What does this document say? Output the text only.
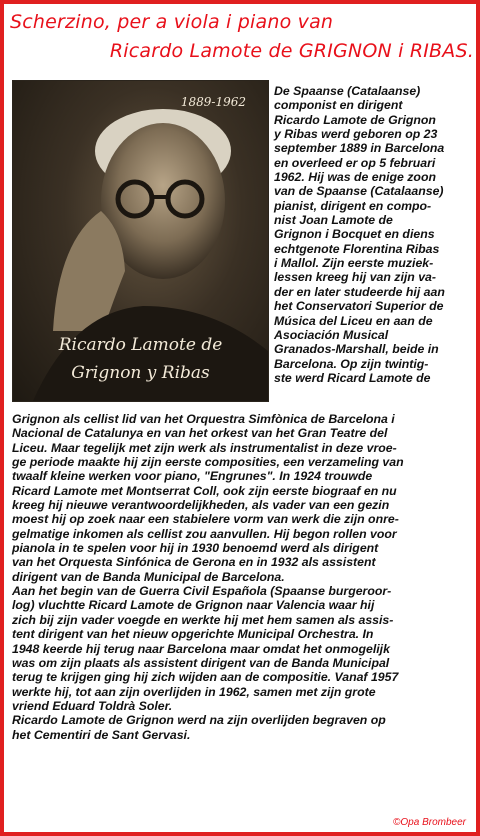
Scherzino, per a viola i piano van
Ricardo Lamote de GRIGNON i RIBAS.
1889-1962
Ricardo Lamote de
Grignon y Ribas
De Spaanse (Catalaanse)
componist en dirigent
Ricardo Lamote de Grignon
y Ribas werd geboren op 23
september 1889 in Barcelona
en overleed er op 5 februari
1962. Hij was de enige zoon
van de Spaanse (Catalaanse)
pianist, dirigent en compo-
nist Joan Lamote de
Grignon i Bocquet en diens
echtgenote Florentina Ribas
i Mallol. Zijn eerste muziek-
lessen kreeg hij van zijn va-
der en later studeerde hij aan
het Conservatori Superior de
Música del Liceu en aan de
Asociación Musical
Granados-Marshall, beide in
Barcelona. Op zijn twintig-
ste werd Ricard Lamote de
Grignon als cellist lid van het Orquestra Simfònica de Barcelona i
Nacional de Catalunya en van het orkest van het Gran Teatre del
Liceu. Maar tegelijk met zijn werk als instrumentalist in deze vroe-
ge periode maakte hij zijn eerste composities, een verzameling van
twaalf kleine werken voor piano, "Engrunes". In 1924 trouwde
Ricard Lamote met Montserrat Coll, ook zijn eerste biograaf en nu
kreeg hij nieuwe verantwoordelijkheden, als vader van een gezin
moest hij op zoek naar een stabielere vorm van werk die zijn onre-
gelmatige inkomen als cellist zou aanvullen. Hij begon rollen voor
pianola in te spelen voor hij in 1930 benoemd werd als dirigent
van het Orquesta Sinfónica de Gerona en in 1932 als assistent
dirigent van de Banda Municipal de Barcelona.
Aan het begin van de Guerra Civil Española (Spaanse burgeroor-
log) vluchtte Ricard Lamote de Grignon naar Valencia waar hij
zich bij zijn vader voegde en werkte hij met hem samen als assis-
tent dirigent van het nieuw opgerichte Municipal Orchestra. In
1948 keerde hij terug naar Barcelona maar omdat het onmogelijk
was om zijn plaats als assistent dirigent van de Banda Municipal
terug te krijgen ging hij zich wijden aan de compositie. Vanaf 1957
werkte hij, tot aan zijn overlijden in 1962, samen met zijn grote
vriend Eduard Toldrà Soler.
Ricardo Lamote de Grignon werd na zijn overlijden begraven op
het Cementiri de Sant Gervasi.
©Opa Brombeer
